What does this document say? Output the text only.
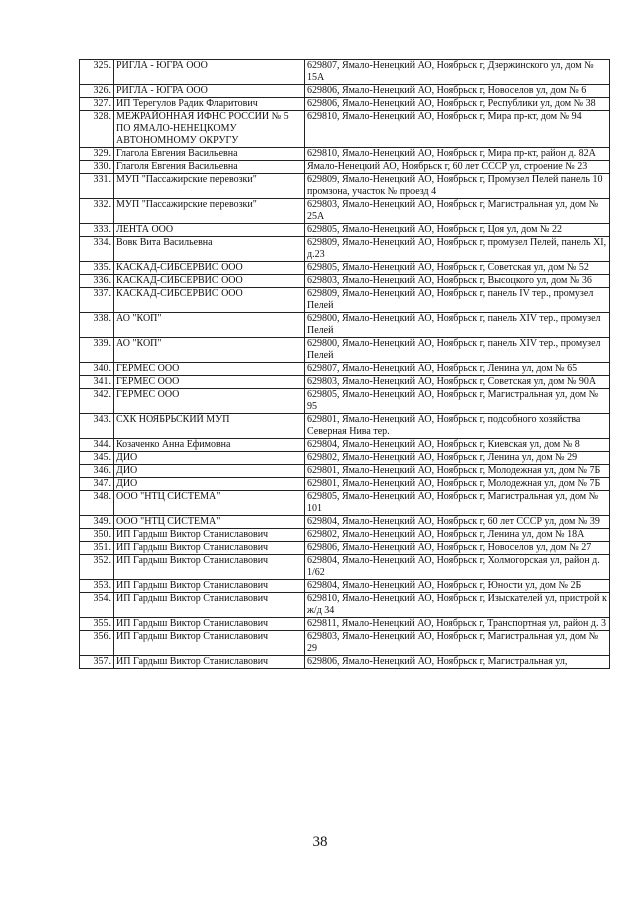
325.	РИГЛА - ЮГРА ООО	629807, Ямало-Ненецкий АО, Ноябрьск г, Дзержинского ул, дом № 15А
326.	РИГЛА - ЮГРА ООО	629806, Ямало-Ненецкий АО, Ноябрьск г, Новоселов ул, дом № 6
327.	ИП Терегулов Радик Фларитович	629806, Ямало-Ненецкий АО, Ноябрьск г, Республики ул, дом № 38
328.	МЕЖРАЙОННАЯ ИФНС РОССИИ № 5 ПО ЯМАЛО-НЕНЕЦКОМУ АВТОНОМНОМУ ОКРУГУ	629810, Ямало-Ненецкий АО, Ноябрьск г, Мира пр-кт, дом № 94
329.	Глагола Евгения Васильевна	629810, Ямало-Ненецкий АО, Ноябрьск г, Мира пр-кт, район д. 82А
330.	Глаголя Евгения Васильевна	Ямало-Ненецкий АО, Ноябрьск г, 60 лет СССР ул, строение № 23
331.	МУП "Пассажирские перевозки"	629809, Ямало-Ненецкий АО, Ноябрьск г, Промузел Пелей панель 10 промзона, участок № проезд 4
332.	МУП "Пассажирские перевозки"	629803, Ямало-Ненецкий АО, Ноябрьск г, Магистральная ул, дом № 25А
333.	ЛЕНТА ООО	629805, Ямало-Ненецкий АО, Ноябрьск г, Цоя ул, дом № 22
334.	Вовк Вита Васильевна	629809, Ямало-Ненецкий АО, Ноябрьск г, промузел Пелей, панель XI, д.23
335.	КАСКАД-СИБСЕРВИС ООО	629805, Ямало-Ненецкий АО, Ноябрьск г, Советская ул, дом № 52
336.	КАСКАД-СИБСЕРВИС ООО	629803, Ямало-Ненецкий АО, Ноябрьск г, Высоцкого ул, дом № 36
337.	КАСКАД-СИБСЕРВИС ООО	629809, Ямало-Ненецкий АО, Ноябрьск г, панель IV тер., промузел Пелей
338.	АО "КОП"	629800, Ямало-Ненецкий АО, Ноябрьск г, панель XIV тер., промузел Пелей
339.	АО "КОП"	629800, Ямало-Ненецкий АО, Ноябрьск г, панель XIV тер., промузел Пелей
340.	ГЕРМЕС ООО	629807, Ямало-Ненецкий АО, Ноябрьск г, Ленина ул, дом № 65
341.	ГЕРМЕС ООО	629803, Ямало-Ненецкий АО, Ноябрьск г, Советская ул, дом № 90А
342.	ГЕРМЕС ООО	629805, Ямало-Ненецкий АО, Ноябрьск г, Магистральная ул, дом № 95
343.	СХК НОЯБРЬСКИЙ МУП	629801, Ямало-Ненецкий АО, Ноябрьск г, подсобного хозяйства Северная Нива тер.
344.	Козаченко Анна Ефимовна	629804, Ямало-Ненецкий АО, Ноябрьск г, Киевская ул, дом № 8
345.	ДИО	629802, Ямало-Ненецкий АО, Ноябрьск г, Ленина ул, дом № 29
346.	ДИО	629801, Ямало-Ненецкий АО, Ноябрьск г, Молодежная ул, дом № 7Б
347.	ДИО	629801, Ямало-Ненецкий АО, Ноябрьск г, Молодежная ул, дом № 7Б
348.	ООО "НТЦ СИСТЕМА"	629805, Ямало-Ненецкий АО, Ноябрьск г, Магистральная ул, дом № 101
349.	ООО "НТЦ СИСТЕМА"	629804, Ямало-Ненецкий АО, Ноябрьск г, 60 лет СССР ул, дом № 39
350.	ИП Гардыш Виктор Станиславович	629802, Ямало-Ненецкий АО, Ноябрьск г, Ленина ул, дом № 18А
351.	ИП Гардыш Виктор Станиславович	629806, Ямало-Ненецкий АО, Ноябрьск г, Новоселов ул, дом № 27
352.	ИП Гардыш Виктор Станиславович	629804, Ямало-Ненецкий АО, Ноябрьск г, Холмогорская ул, район д. 1/62
353.	ИП Гардыш Виктор Станиславович	629804, Ямало-Ненецкий АО, Ноябрьск г, Юности ул, дом № 2Б
354.	ИП Гардыш Виктор Станиславович	629810, Ямало-Ненецкий АО, Ноябрьск г, Изыскателей ул, пристрой к ж/д 34
355.	ИП Гардыш Виктор Станиславович	629811, Ямало-Ненецкий АО, Ноябрьск г, Транспортная ул, район д. 3
356.	ИП Гардыш Виктор Станиславович	629803, Ямало-Ненецкий АО, Ноябрьск г, Магистральная ул, дом № 29
357.	ИП Гардыш Виктор Станиславович	629806, Ямало-Ненецкий АО, Ноябрьск г, Магистральная ул,
38
